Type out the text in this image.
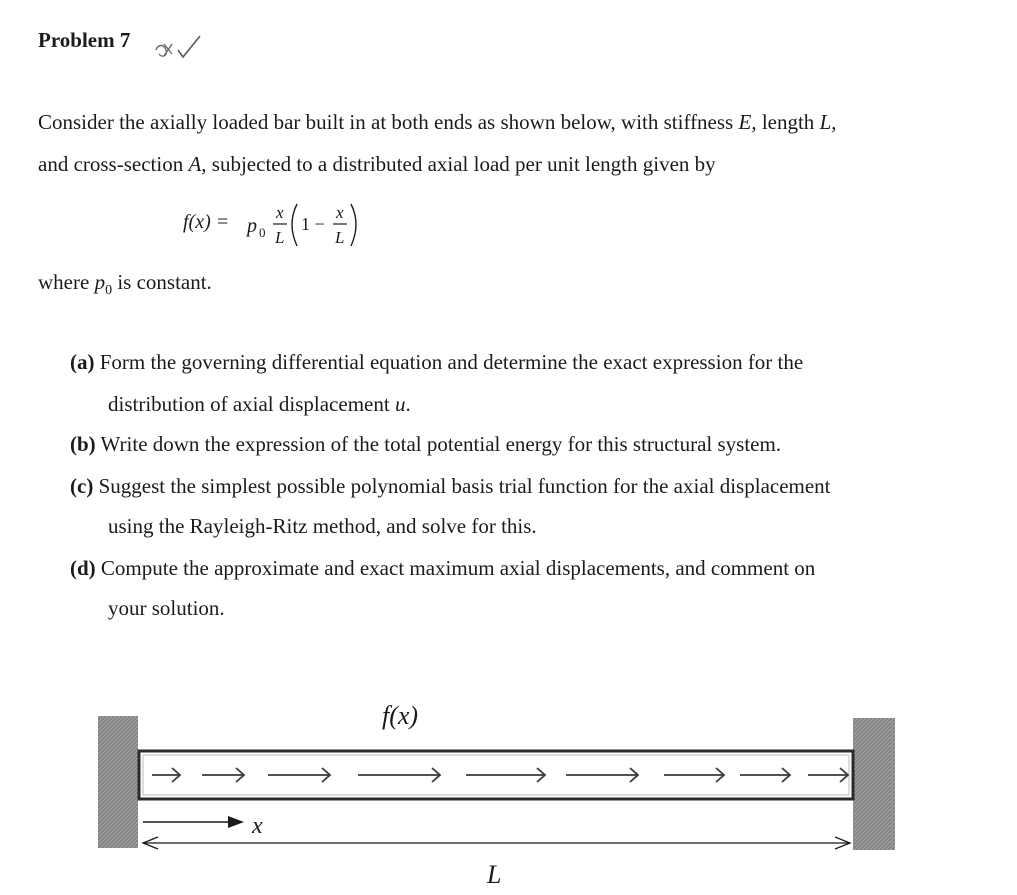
Problem 7
Consider the axially loaded bar built in at both ends as shown below, with stiffness E, length L,
and cross-section A, subjected to a distributed axial load per unit length given by
f(x) = p 0
x
L
1 −
x
L
where $p_0$ is constant.
(a) Form the governing differential equation and determine the exact expression for the
distribution of axial displacement u.
(b) Write down the expression of the total potential energy for this structural system.
(c) Suggest the simplest possible polynomial basis trial function for the axial displacement
using the Rayleigh-Ritz method, and solve for this.
(d) Compute the approximate and exact maximum axial displacements, and comment on
your solution.
f(x)
x
L
